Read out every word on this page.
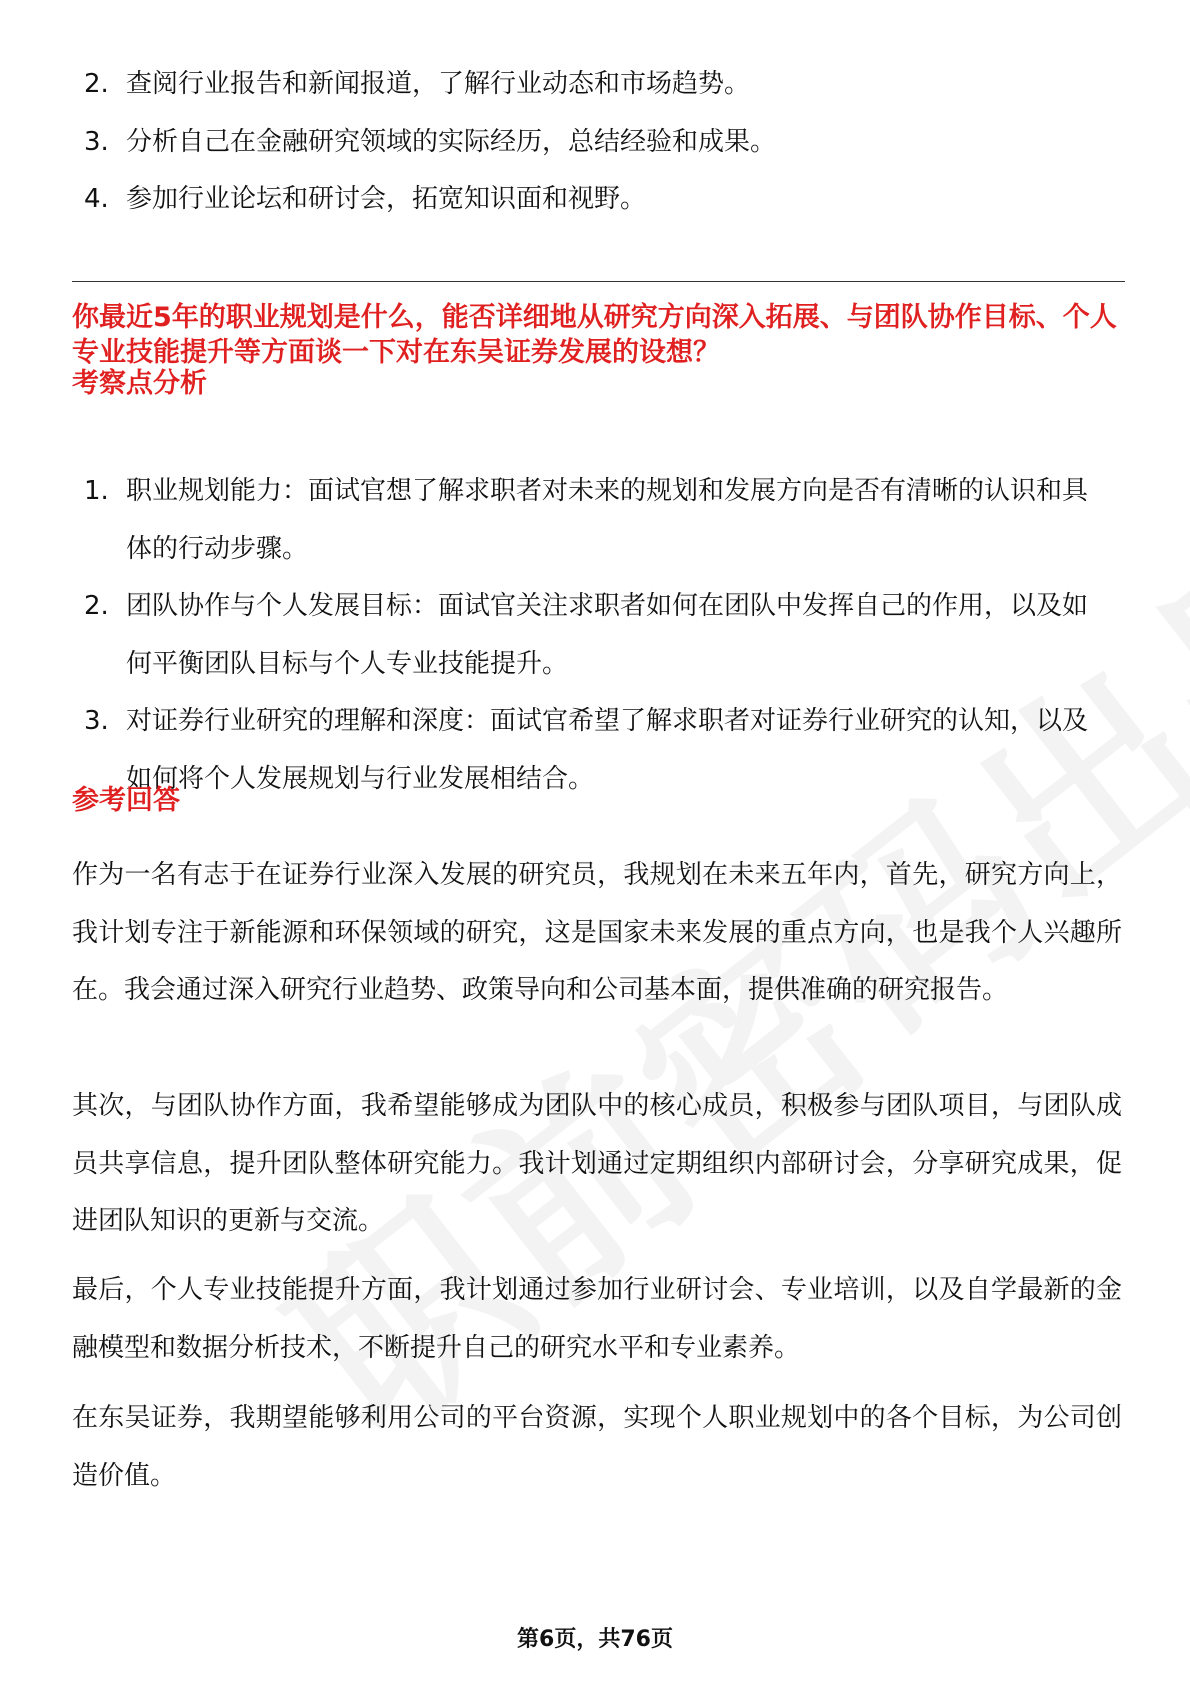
2. 查阅行业报告和新闻报道，了解行业动态和市场趋势。
3. 分析自己在金融研究领域的实际经历，总结经验和成果。
4. 参加行业论坛和研讨会，拓宽知识面和视野。

你最近5年的职业规划是什么，能否详细地从研究方向深入拓展、与团队协作目标、个人专业技能提升等方面谈一下对在东吴证券发展的设想？

考察点分析
1. 职业规划能力：面试官想了解求职者对未来的规划和发展方向是否有清晰的认识和具体的行动步骤。
2. 团队协作与个人发展目标：面试官关注求职者如何在团队中发挥自己的作用，以及如何平衡团队目标与个人专业技能提升。
3. 对证券行业研究的理解和深度：面试官希望了解求职者对证券行业研究的认知，以及如何将个人发展规划与行业发展相结合。
参考回答

作为一名有志于在证券行业深入发展的研究员，我规划在未来五年内，首先，研究方向上，我计划专注于新能源和环保领域的研究，这是国家未来发展的重点方向，也是我个人兴趣所在。我会通过深入研究行业趋势、政策导向和公司基本面，提供准确的研究报告。

其次，与团队协作方面，我希望能够成为团队中的核心成员，积极参与团队项目，与团队成员共享信息，提升团队整体研究能力。我计划通过定期组织内部研讨会，分享研究成果，促进团队知识的更新与交流。

最后，个人专业技能提升方面，我计划通过参加行业研讨会、专业培训，以及自学最新的金融模型和数据分析技术，不断提升自己的研究水平和专业素养。

在东吴证券，我期望能够利用公司的平台资源，实现个人职业规划中的各个目标，为公司创造价值。

第6页，共76页
